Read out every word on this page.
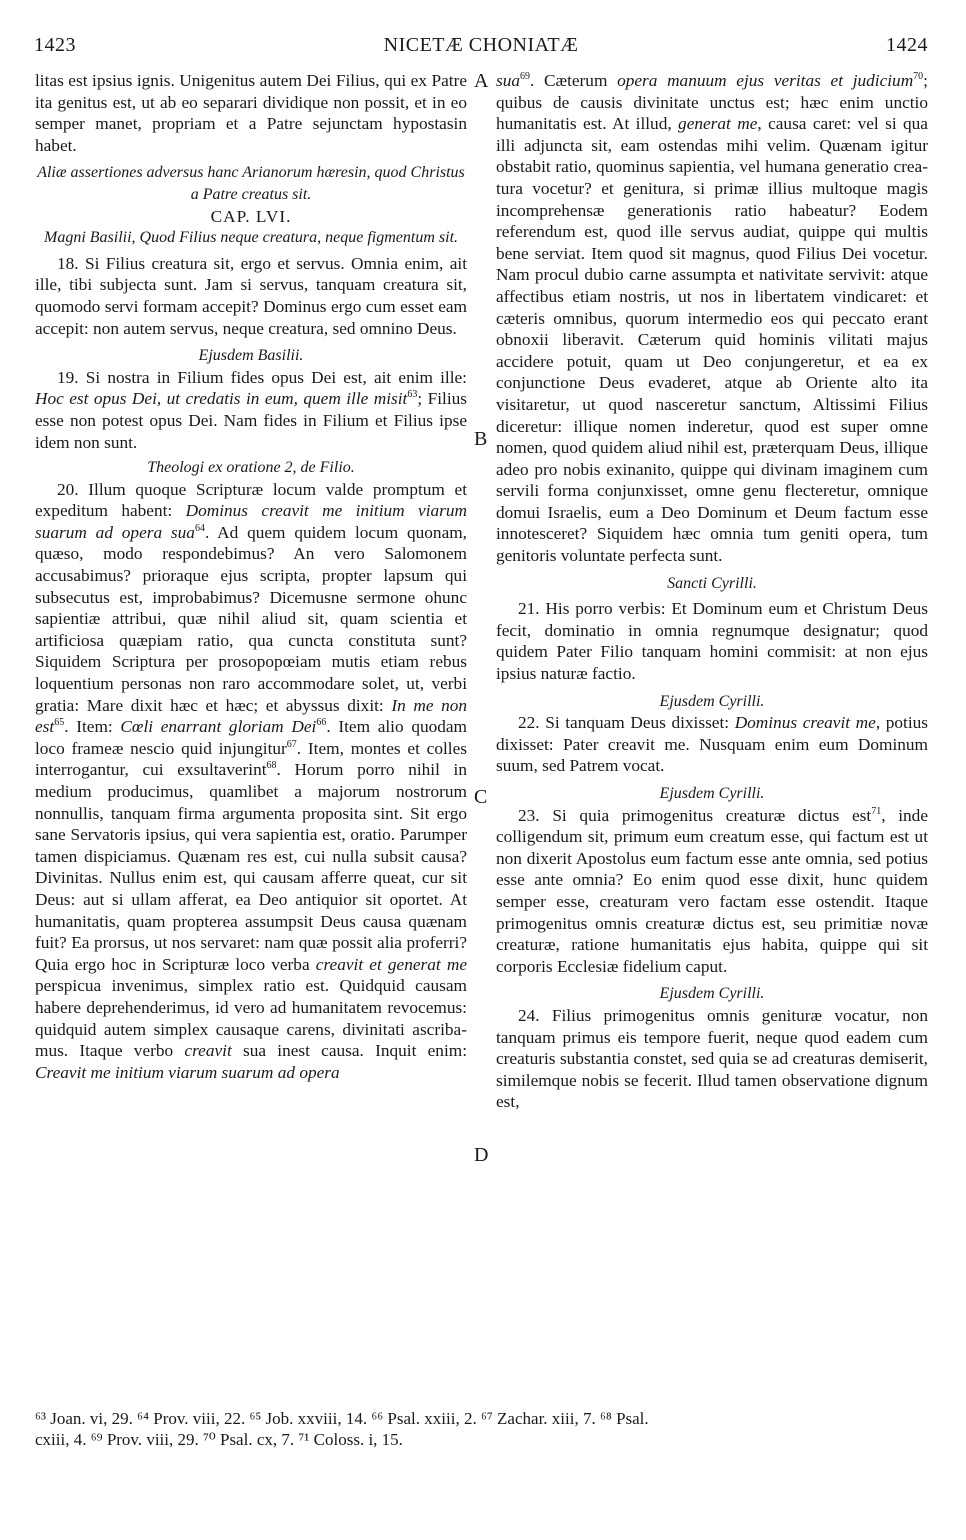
1423	NICETÆ CHONIATÆ	1424
A
B
C
D

litas est ipsius ignis. Unigenitus autem Dei Filius, qui ex Patre ita genitus est, ut ab eo separari dividique non possit, et in eo semper manet, propriam et a Patre sejunctam hypostasin habet.

Aliæ assertiones adversus hanc Arianorum hæresin, quod Christus a Patre creatus sit.

CAP. LVI.

Magni Basilii, Quod Filius neque creatura, neque figmentum sit.

18. Si Filius creatura sit, ergo et servus. Omnia enim, ait ille, tibi subjecta sunt. Jam si servus, tanquam creatura sit, quomodo servi formam accepit? Dominus ergo cum esset eam accepit: non autem servus, neque creatura, sed omnino Deus.

Ejusdem Basilii.

19. Si nostra in Filium fides opus Dei est, ait enim ille: Hoc est opus Dei, ut credatis in eum, quem ille misit$^{63}$; Filius esse non potest opus Dei. Nam fides in Filium et Filius ipse idem non sunt.

Theologi ex oratione 2, de Filio.

20. Illum quoque Scripturæ locum valde promptum et expeditum habent: Dominus creavit me initium viarum suarum ad opera sua$^{64}$. Ad quem quidem locum quonam, quæso, modo respondebimus? An vero Salomonem accusabimus? prioraque ejus scripta, propter lapsum qui subsecutus est, improbabimus? Dicemusne sermone ohunc sapientiæ attribui, quæ nihil aliud sit, quam scientia et artificiosa quæpiam ratio, qua cuncta constituta sunt? Siquidem Scriptura per prosopopœiam mutis etiam rebus loquentium personas non raro accommodare solet, ut, verbi gratia: Mare dixit hæc et hæc; et abyssus dixit: In me non est$^{65}$. Item: Cœli enarrant gloriam Dei$^{66}$. Item alio quodam loco frameæ nescio quid injungitur$^{67}$. Item, montes et colles interrogantur, cui exsultaverint$^{68}$. Horum porro nihil in medium producimus, quamlibet a majorum nostrorum nonnullis, tanquam firma argumenta proposita sint. Sit ergo sane Servatoris ipsius, qui vera sapientia est, oratio. Parumper tamen dispiciamus. Quænam res est, cui nulla subsit causa? Divinitas. Nullus enim est, qui causam afferre queat, cur sit Deus: aut si ullam afferat, ea Deo antiquior sit oportet. At humanitatis, quam propterea assumpsit Deus causa quænam fuit? Ea prorsus, ut nos servaret: nam quæ possit alia proferri? Quia ergo hoc in Scripturæ loco verba creavit et generat me perspicua invenimus, simplex ratio est. Quidquid causam habere deprehenderimus, id vero ad humanitatem revocemus: quidquid autem simplex causaque carens, divinitati ascribamus. Itaque verbo creavit sua inest causa. Inquit enim: Creavit me initium viarum suarum ad opera

sua$^{69}$. Cæterum opera manuum ejus veritas et judicium$^{70}$; quibus de causis divinitate unctus est; hæc enim unctio humanitatis est. At illud, generat me, causa caret: vel si qua illi adjuncta sit, eam ostendas mihi velim. Quænam igitur obstabit ratio, quominus sapientia, vel humana generatio creatura vocetur? et genitura, si primæ illius multoque magis incomprehensæ generationis ratio habeatur? Eodem referendum est, quod ille servus audiat, quippe qui multis bene serviat. Item quod sit magnus, quod Filius Dei vocetur. Nam procul dubio carne assumpta et nativitate servivit: atque affectibus etiam nostris, ut nos in libertatem vindicaret: et cæteris omnibus, quorum intermedio eos qui peccato erant obnoxii liberavit. Cæterum quid hominis vilitati majus accidere potuit, quam ut Deo conjungeretur, et ea ex conjunctione Deus evaderet, atque ab Oriente alto ita visitaretur, ut quod nasceretur sanctum, Altissimi Filius diceretur: illique nomen inderetur, quod est super omne nomen, quod quidem aliud nihil est, præterquam Deus, illique adeo pro nobis exinanito, quippe qui divinam imaginem cum servili forma conjunxisset, omne genu flecteretur, omnique domui Israelis, eum a Deo Dominum et Deum factum esse innotesceret? Siquidem hæc omnia tum geniti opera, tum genitoris voluntate perfecta sunt.

Sancti Cyrilli.

21. His porro verbis: Et Dominum eum et Christum Deus fecit, dominatio in omnia regnumque designatur; quod quidem Pater Filio tanquam homini commisit: at non ejus ipsius naturæ factio.

Ejusdem Cyrilli.

22. Si tanquam Deus dixisset: Dominus creavit me, potius dixisset: Pater creavit me. Nusquam enim eum Dominum suum, sed Patrem vocat.

Ejusdem Cyrilli.

23. Si quia primogenitus creaturæ dictus est$^{71}$, inde colligendum sit, primum eum creatum esse, qui factum est ut non dixerit Apostolus eum factum esse ante omnia, sed potius esse ante omnia? Eo enim quod esse dixit, hunc quidem semper esse, creaturam vero factam esse ostendit. Itaque primogenitus omnis creaturæ dictus est, seu primitiæ novæ creaturæ, ratione humanitatis ejus habita, quippe qui sit corporis Ecclesiæ fidelium caput.

Ejusdem Cyrilli.

24. Filius primogenitus omnis genituræ vocatur, non tanquam primus eis tempore fuerit, neque quod eadem cum creaturis substantia constet, sed quia se ad creaturas demiserit, similemque nobis se fecerit. Illud tamen observatione dignum est,

⁶³ Joan. vi, 29. ⁶⁴ Prov. viii, 22. ⁶⁵ Job. xxviii, 14. ⁶⁶ Psal. xxiii, 2. ⁶⁷ Zachar. xiii, 7. ⁶⁸ Psal.
cxiii, 4. ⁶⁹ Prov. viii, 29. ⁷⁰ Psal. cx, 7. ⁷¹ Coloss. i, 15.
